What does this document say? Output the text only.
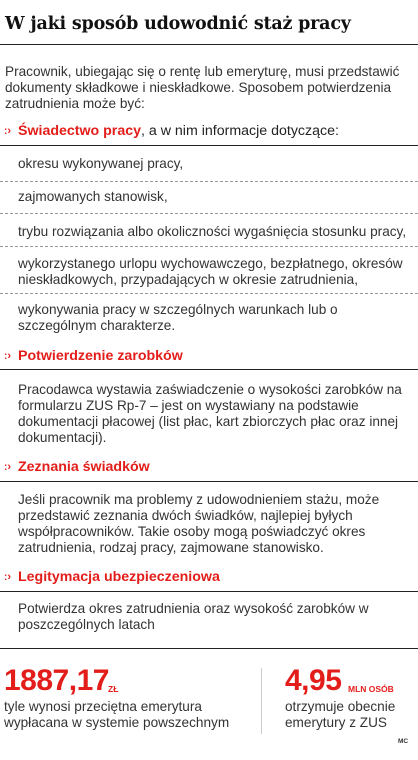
W jaki sposób udowodnić staż pracy
Pracownik, ubiegając się o rentę lub emeryturę, musi przedstawić dokumenty składkowe i nieskładkowe. Sposobem potwierdzenia zatrudnienia może być:
:› Świadectwo pracy, a w nim informacje dotyczące:
okresu wykonywanej pracy,
zajmowanych stanowisk,
trybu rozwiązania albo okoliczności wygaśnięcia stosunku pracy,
wykorzystanego urlopu wychowawczego, bezpłatnego, okresów nieskładkowych, przypadających w okresie zatrudnienia,
wykonywania pracy w szczególnych warunkach lub o szczególnym charakterze.
:› Potwierdzenie zarobków
Pracodawca wystawia zaświadczenie o wysokości zarobków na formularzu ZUS Rp-7 – jest on wystawiany na podstawie dokumentacji płacowej (list płac, kart zbiorczych płac oraz innej dokumentacji).
:› Zeznania świadków
Jeśli pracownik ma problemy z udowodnieniem stażu, może przedstawić zeznania dwóch świadków, najlepiej byłych współpracowników. Takie osoby mogą poświadczyć okres zatrudnienia, rodzaj pracy, zajmowane stanowisko.
:› Legitymacja ubezpieczeniowa
Potwierdza okres zatrudnienia oraz wysokość zarobków w poszczególnych latach
1887,17 ZŁ
tyle wynosi przeciętna emerytura wypłacana w systemie powszechnym
4,95 MLN OSÓB
otrzymuje obecnie emerytury z ZUS
MC
